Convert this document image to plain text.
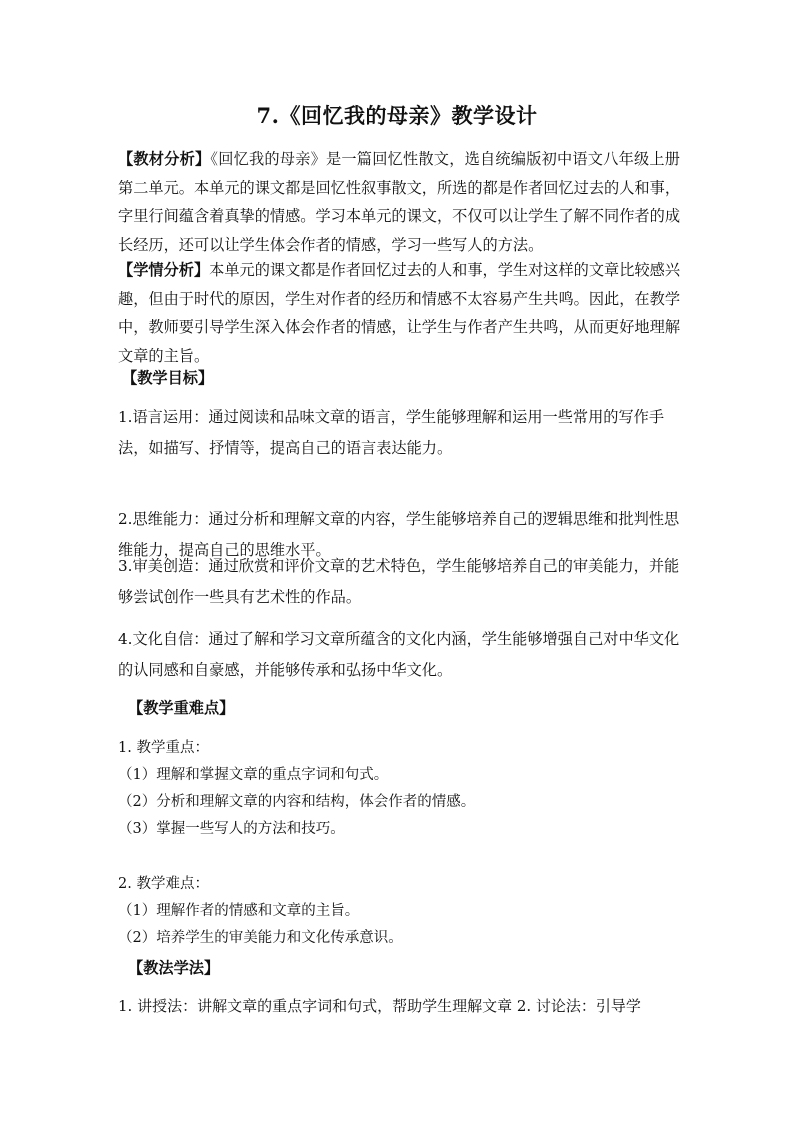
7.《回忆我的母亲》教学设计

【教材分析】《回忆我的母亲》是一篇回忆性散文，选自统编版初中语文八年级上册第二单元。本单元的课文都是回忆性叙事散文，所选的都是作者回忆过去的人和事，字里行间蕴含着真挚的情感。学习本单元的课文，不仅可以让学生了解不同作者的成长经历，还可以让学生体会作者的情感，学习一些写人的方法。

【学情分析】本单元的课文都是作者回忆过去的人和事，学生对这样的文章比较感兴趣，但由于时代的原因，学生对作者的经历和情感不太容易产生共鸣。因此，在教学中，教师要引导学生深入体会作者的情感，让学生与作者产生共鸣，从而更好地理解文章的主旨。

【教学目标】

1.语言运用：通过阅读和品味文章的语言，学生能够理解和运用一些常用的写作手法，如描写、抒情等，提高自己的语言表达能力。

2.思维能力：通过分析和理解文章的内容，学生能够培养自己的逻辑思维和批判性思维能力，提高自己的思维水平。

3.审美创造：通过欣赏和评价文章的艺术特色，学生能够培养自己的审美能力，并能够尝试创作一些具有艺术性的作品。

4.文化自信：通过了解和学习文章所蕴含的文化内涵，学生能够增强自己对中华文化的认同感和自豪感，并能够传承和弘扬中华文化。

【教学重难点】
1. 教学重点：
（1）理解和掌握文章的重点字词和句式。
（2）分析和理解文章的内容和结构，体会作者的情感。
（3）掌握一些写人的方法和技巧。
2. 教学难点：
（1）理解作者的情感和文章的主旨。
（2）培养学生的审美能力和文化传承意识。
【教法学法】
1. 讲授法：讲解文章的重点字词和句式，帮助学生理解文章 2. 讨论法：引导学
